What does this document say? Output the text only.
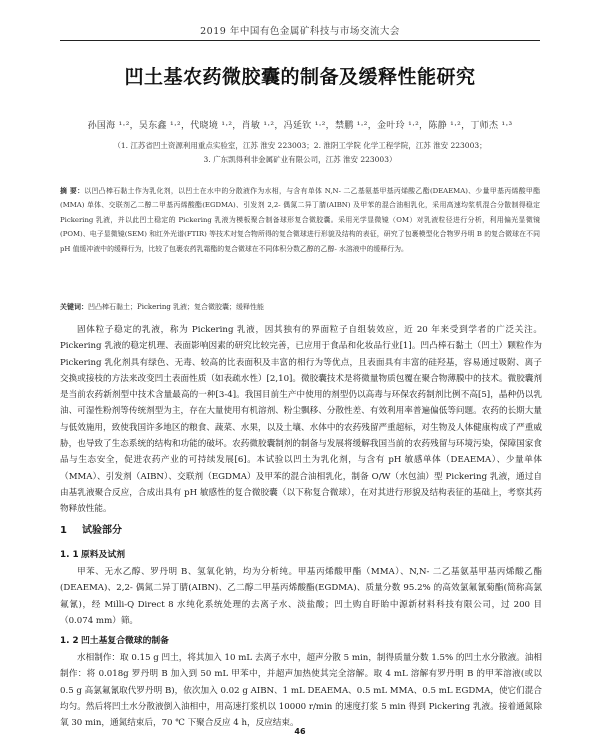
2019 年中国有色金属矿科技与市场交流大会
凹土基农药微胶囊的制备及缓释性能研究
孙国海 ¹·²，吴东鑫 ¹·²，代晓境 ¹·²，肖敏 ¹·²，冯延钦 ¹·²，禁鹏 ¹·²，金叶玲 ¹·²，陈静 ¹·²，丁师杰 ¹·³
（1. 江苏省凹土资源利用重点实验室，江苏 淮安 223003；2. 淮阴工学院 化学工程学院，江苏 淮安 223003；
3. 广东凯得利非金属矿业有限公司，江苏 淮安 223003）
摘 要：以凹凸棒石黏土作为乳化剂，以凹土在水中的分散液作为水相，与含有单体 N,N- 二乙基氨基甲基丙烯酸乙酯(DEAEMA)、少量甲基丙烯酸甲酯(MMA) 单体、交联剂乙二醇二甲基丙烯酸酯(EGDMA)、引发剂 2,2- 偶氮二异丁腈(AIBN) 及甲苯的混合油相乳化，采用高速均浆机混合分散制得稳定 Pickering 乳液，并以此凹土稳定的 Pickering 乳液为模板聚合制备球形复合微胶囊。采用光学显微镜（OM）对乳液粒径进行分析，利用偏光显微镜(POM)、电子显微镜(SEM) 和红外光谱(FTIR) 等技术对复合物所得的复合微球进行形貌及结构的表征，研究了包裹模型化合物罗丹明 B 的复合微球在不同 pH 值缓冲液中的缓释行为，比较了包裹农药乳霜酯的复合微球在不同体积分数乙醇的乙醇- 水溶液中的缓释行为。
关键词：凹凸棒石黏土；Pickering 乳液；复合微胶囊；缓释性能
固体粒子稳定的乳液，称为 Pickering 乳液，因其独有的界面粒子自组装效应，近 20 年来受到学者的广泛关注。Pickering 乳液的稳定机理、表面影响因素的研究比较完善，已应用于食品和化妆品行业[1]。凹凸棒石黏土（凹土）颗粒作为 Pickering 乳化剂具有绿色、无毒、较高的比表面积及丰富的相行为等优点，且表面具有丰富的硅羟基，容易通过吸附、离子交换或接枝的方法来改变凹土表面性质（如表疏水性）[2,10]。微胶囊技术是将微量物质包覆在聚合物薄膜中的技术。微胶囊剂是当前农药新剂型中技术含量最高的一种[3-4]。我国目前生产中使用的剂型仍以高毒与环保农药制剂比例不高[5]，晶种仍以乳油、可湿性粉剂等传统剂型为主，存在大量使用有机溶剂、粉尘飘移、分散性差、有效利用率普遍偏低等问题。农药的长期大量与低效施用，致使我国许多地区的粮食、蔬菜、水果，以及土壤、水体中的农药残留严重超标，对生物及人体健康构成了严重威胁，也导致了生态系统的结构和功能的破坏。农药微胶囊制剂的制备与发展将缓解我国当前的农药残留与环境污染，保障国家食品与生态安全，促进农药产业的可持续发展[6]。本试验以凹土为乳化剂，与含有 pH 敏感单体（DEAEMA）、少量单体（MMA）、引发剂（AIBN）、交联剂（EGDMA）及甲苯的混合油相乳化，制备 O/W（水包油）型 Pickering 乳液，通过自由基乳液聚合反应，合成出具有 pH 敏感性的复合微胶囊（以下称复合微球），在对其进行形貌及结构表征的基础上，考察其药物释放性能。
1 试验部分
1. 1 原料及试剂
甲苯、无水乙醇、罗丹明 B、氢氧化钠，均为分析纯。甲基丙烯酸甲酯（MMA）、N,N- 二乙基氨基甲基丙烯酸乙酯(DEAEMA)、2,2- 偶氮二异丁腈(AIBN)、乙二醇二甲基丙烯酸酯(EGDMA)、质量分数 95.2% 的高效氯氟氰菊酯(简称高氯氟氰)，经 Milli-Q Direct 8 水纯化系统处理的去离子水、淡盐酸；凹土购自盱眙中源新材料科技有限公司，过 200 目（0.074 mm）筛。
1. 2 凹土基复合微球的制备
水相制作：取 0.15 g 凹土，将其加入 10 mL 去离子水中，超声分散 5 min，制得质量分数 1.5% 的凹土水分散液。油相制作：将 0.018g 罗丹明 B 加入到 50 mL 甲苯中，并超声加热使其完全溶解。取 4 mL 溶解有罗丹明 B 的甲苯溶液(或以 0.5 g 高氯氟氰取代罗丹明 B)，依次加入 0.02 g AIBN、1 mL DEAEMA、0.5 mL MMA、0.5 mL EGDMA，使它们混合均匀。然后将凹土水分散液倒入油相中，用高速打浆机以 10000 r/min 的速度打浆 5 min 得到 Pickering 乳液。接着通氮除氧 30 min，通氮结束后，70 ℃ 下聚合反应 4 h，反应结束。
46
